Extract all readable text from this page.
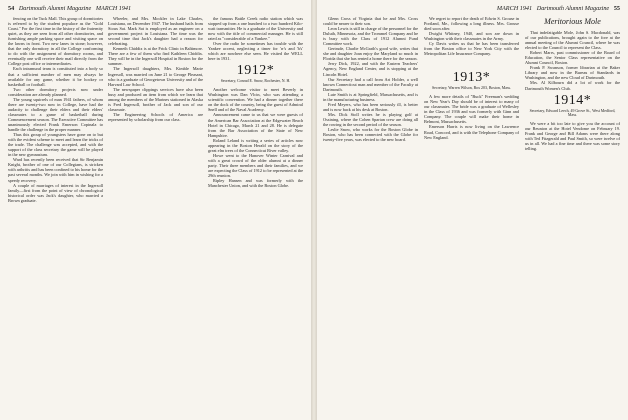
54 Dartmouth Alumni Magazine MARCH 1941

fencing on the Tuck Mall. This group of dormitories is referred to by the student populace as the "Gold Coast." For the first time in the history of the fraternity quiet, as they are seen from all other dormitories, and furnishing ample parking space and visiting space on the lawns in front. Two new lanes in stone; however, that the only dormitory in all the College conforming to do with the assignment of dormitory rooms, and eventually one will receive their mail directly from the College post office or intermediaries.

Each intramural team is constituted into a body so that a sufficient number of men may always be available for any game, whether it be hockey or basketball or football.

Two other dormitory projects now under consideration are already planned.

The young squirrels of man 1941 fathers, of whom there are twenty-two now in College, have had the audacity to challenge their elders and their elders' classmates to a game of basketball during Commencement season. The Executive Committee has unanimously elected Frank Emerson Copinala to handle the challenge in the proper manner.

Thus this group of youngsters have gone on to but with the evident scheme to meet and learn the tricks of the trade. The challenge was accepted, and with the support of the class secretary the game will be played in the new gymnasium.

Ward has recently been received that Sir Benjamin Knight, brother of one of our Collegians, is stricken with arthritis and has been confined to his home for the past several months. We join with him in wishing for a speedy recovery.

A couple of marriages of interest in the Ingersoll family—first from the point of view of chronological historical order was Jack's daughter, who married a Brown graduate.

Wheeler, and Mrs. Mockler in Lake Charles, Louisiana, on December 1947. The husband hails from Sioux Sat. Mark Sat is employed as an engineer on a government project in Louisiana. The time was the second time that Jack's daughter had a reason for celebrating.

Kenneth Chiddix is at the Frick Clinic in Baltimore. There are a few of them who find Kathleen Chiddix. They will be in the Ingersoll Hospital in Boston for the summer.

The Ingersoll daughters, Mrs. Kimble Marie Ingersoll, was married on June 21 to George Pleasant, who is a graduate of Georgetown University and of the Harvard Law School.

The newspaper clippings services have also been busy and produced an item from which we learn that among the members of the Marines stationed in Alaska is Fred Ingersoll, brother of Jack and son of our classmate.

The Engineering Schools of America are represented by scholarship from our class.

the famous Battle Creek radio station which was stopped up from a one hundred to a two hundred Kilo-watt transmitter. He is a graduate of the University and now with the title of commercial manager. He is still rated as "considerable of a Yankee."

Over the radio he sometimes has trouble with the Yankee accent, neglecting a timer for 'rr's and 'h's' which are nowhere else seen. He visited the WELL here in 1931.

1912*
Secretary, Conrad E. Snow, Rochester, N. H.

Another welcome visitor to meet Beverly in Washington was Dan Vlcin, who was attending a scientific convention. We had a dinner together there on the dock of the country, being the guest of Admiral Snell and of the Naval Academy.

Announcement came to us that we were guests of the American Bar Association at the Edgewater Beach Hotel in Chicago, March 21 and 28. He is delegate from the Bar Association of the State of New Hampshire.

Roland Leland is writing a series of articles now appearing in the Boston Herald on the story of the great elm trees of the Connecticut River valley.

Howe went to the Hanover Winter Carnival and with a great crowd of the older alumni at a dinner party. Their three members and their families, and we are expecting the Class of 1912 to be represented at the 29th reunion.

Ripley Hansen and was formerly with the Manchester Union, and with the Boston Globe.

MARCH 1941 Dartmouth Alumni Magazine 55

Glenn Cross of Virginia that he and Mrs. Cross could be nearer to their son.

Leon Lewis is still in charge of the personnel for the Duluth, Minnesota, and the Trommel Company and he is busy with the Class of 1912 Alumni Fund Committee work.

Gertrude, Charlie McGrath's good wife, writes that she and daughter Joan enjoy the Maryland so much in Florida that she has rented a home there for the season.

Jerry Dick, 1922, and with the Eastern Teachers' Agency, New England Center, and is stopping at the Lincoln Hotel.

Our Secretary had a call from Art Holder, a well known Connecticut man and member of the Faculty at Dartmouth.

Lute Smith is at Springfield, Massachusetts, and is in the manufacturing business.

Fred Meyers, who has been seriously ill, is better and is now back at his desk at Boston.

Mrs. Dick Stoll writes he is playing golf at Ossining, where the Cohen Spartan crew are doing all the rowing in the second period of the season.

Leslie Snow, who works for the Boston Globe in Boston, who has been connected with the Globe for twenty-five years, was elected to the new board.

We regret to report the death of Edwin S. Grouse in Portland, Me., following a long illness. Mrs. Grouse died soon after.

Dwight Whitney, 1940, and son are down in Washington with their classmates in the Army.

Cy Davis writes us that he has been transferred from the Boston office to New York City with the Metropolitan Life Insurance Company.

1913*
Secretary, Warren Wilson, Box 203, Boston, Mass.

A few more details of "Buck" Freeman's wedding on New Year's Day should be of interest to many of our classmates. The bride was a graduate of Wellesley in the Class of 1936 and was formerly with Ginn and Company. The couple will make their home in Belmont, Massachusetts.

Emerson Harris is now living on the Lawrence Road, Concord, and is with the Telephone Company of New England.

Meritorious Mole

That indefatigable Mole, John S. Macdonald, was of our publications, brought again to the fore at the annual meeting of the Alumni Council, where he was elected to the Council to represent the Class.

Robert Marrs, past commissioner of the Board of Education, the Senior Class representative on the Alumni Council, Boston.

Frank P. Swanson, former librarian at the Baker Library and now in the Bureau of Standards in Washington, and the new Cloud of Dartmouth.

Mrs. Al Kilbourn did a lot of work for the Dartmouth Women's Club.

1914*
Secretary, Edward Leech, 49 Grove St., West Medford, Mass.

We were a bit too late to give you the account of our Reunion at the Hotel Vendome on February 19. Frank and George and Bill Adams were there along with Ted Fitzgerald and Paul Smith, so were twelve of us in all. We had a fine time and there was some story telling.
